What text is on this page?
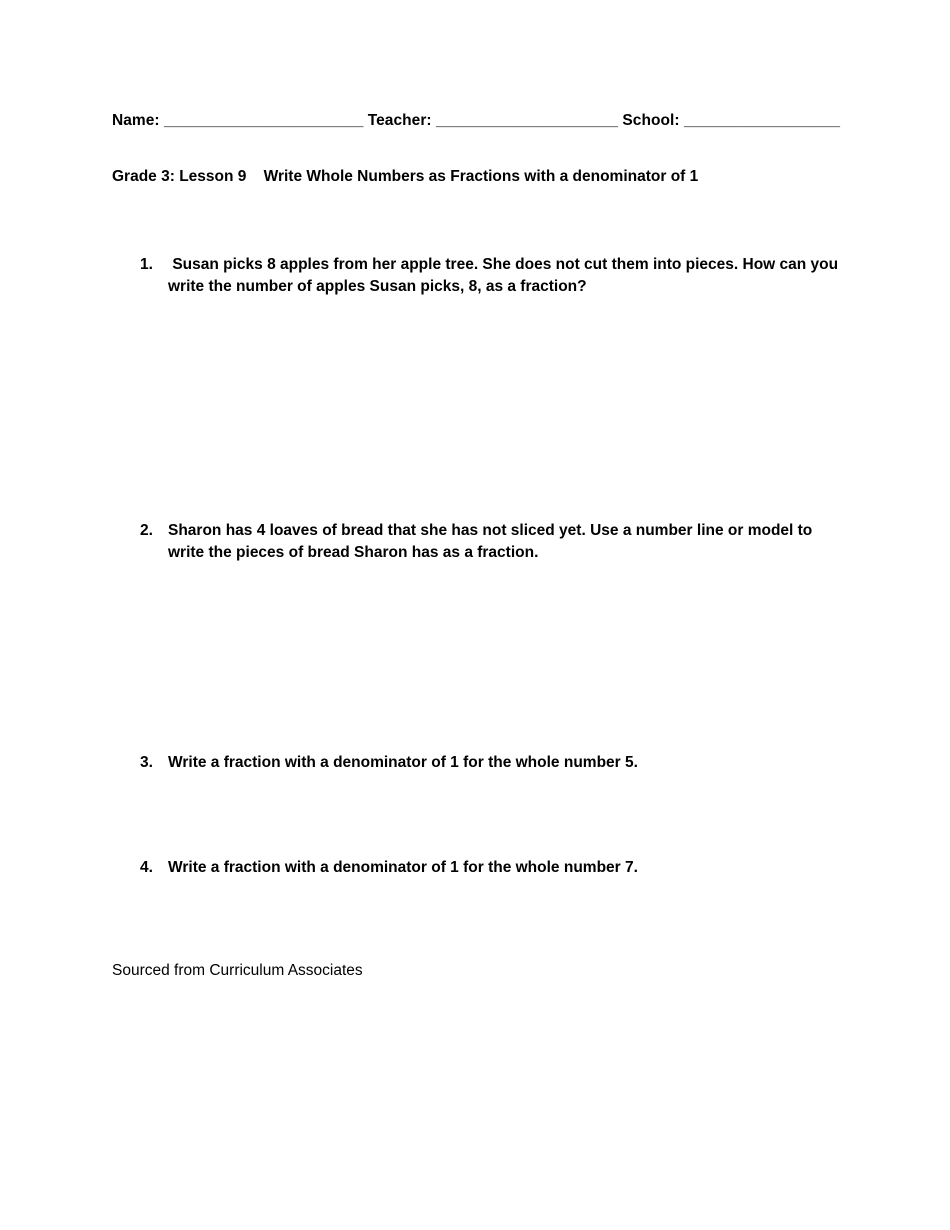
Name: _______________________ Teacher: _____________________ School: __________________
Grade 3: Lesson 9    Write Whole Numbers as Fractions with a denominator of 1
1. Susan picks 8 apples from her apple tree. She does not cut them into pieces. How can you write the number of apples Susan picks, 8, as a fraction?
2. Sharon has 4 loaves of bread that she has not sliced yet. Use a number line or model to write the pieces of bread Sharon has as a fraction.
3. Write a fraction with a denominator of 1 for the whole number 5.
4. Write a fraction with a denominator of 1 for the whole number 7.
Sourced from Curriculum Associates
